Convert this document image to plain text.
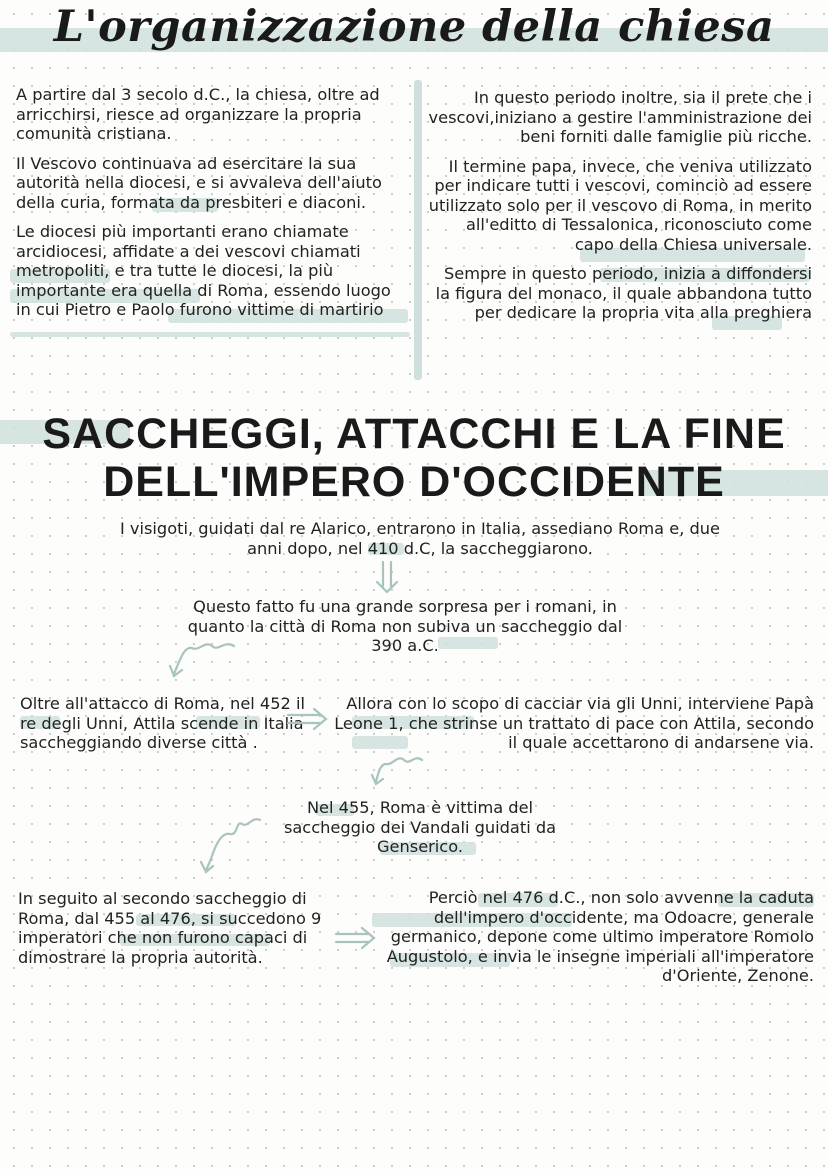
L'organizzazione della chiesa

A partire dal 3 secolo d.C., la chiesa, oltre ad arricchirsi, riesce ad organizzare la propria comunità cristiana.

Il Vescovo continuava ad esercitare la sua autorità nella diocesi, e si avvaleva dell'aiuto della curia, formata da presbiteri e diaconi.

Le diocesi più importanti erano chiamate arcidiocesi, affidate a dei vescovi chiamati metropoliti, e tra tutte le diocesi, la più importante era quella di Roma, essendo luogo in cui Pietro e Paolo furono vittime di martirio

In questo periodo inoltre, sia il prete che i vescovi,iniziano a gestire l'amministrazione dei beni forniti dalle famiglie più ricche.

Il termine papa, invece, che veniva utilizzato per indicare tutti i vescovi, cominciò ad essere utilizzato solo per il vescovo di Roma, in merito all'editto di Tessalonica, riconosciuto come capo della Chiesa universale.

Sempre in questo periodo, inizia a diffondersi la figura del monaco, il quale abbandona tutto per dedicare la propria vita alla preghiera

SACCHEGGI, ATTACCHI E LA FINE
DELL'IMPERO D'OCCIDENTE
I visigoti, guidati dal re Alarico, entrarono in Italia, assediano Roma e, due anni dopo, nel 410 d.C, la saccheggiarono.
Questo fatto fu una grande sorpresa per i romani, in quanto la città di Roma non subiva un saccheggio dal 390 a.C.
Oltre all'attacco di Roma, nel 452 il re degli Unni, Attila scende in Italia saccheggiando diverse città .
Allora con lo scopo di cacciar via gli Unni, interviene Papà Leone 1, che strinse un trattato di pace con Attila, secondo il quale accettarono di andarsene via.
Nel 455, Roma è vittima del saccheggio dei Vandali guidati da Genserico.
In seguito al secondo saccheggio di Roma, dal 455 al 476, si succedono 9 imperatori che non furono capaci di dimostrare la propria autorità.
Perciò nel 476 d.C., non solo avvenne la caduta dell'impero d'occidente, ma Odoacre, generale germanico, depone come ultimo imperatore Romolo Augustolo, e invia le insegne imperiali all'imperatore d'Oriente, Zenone.
